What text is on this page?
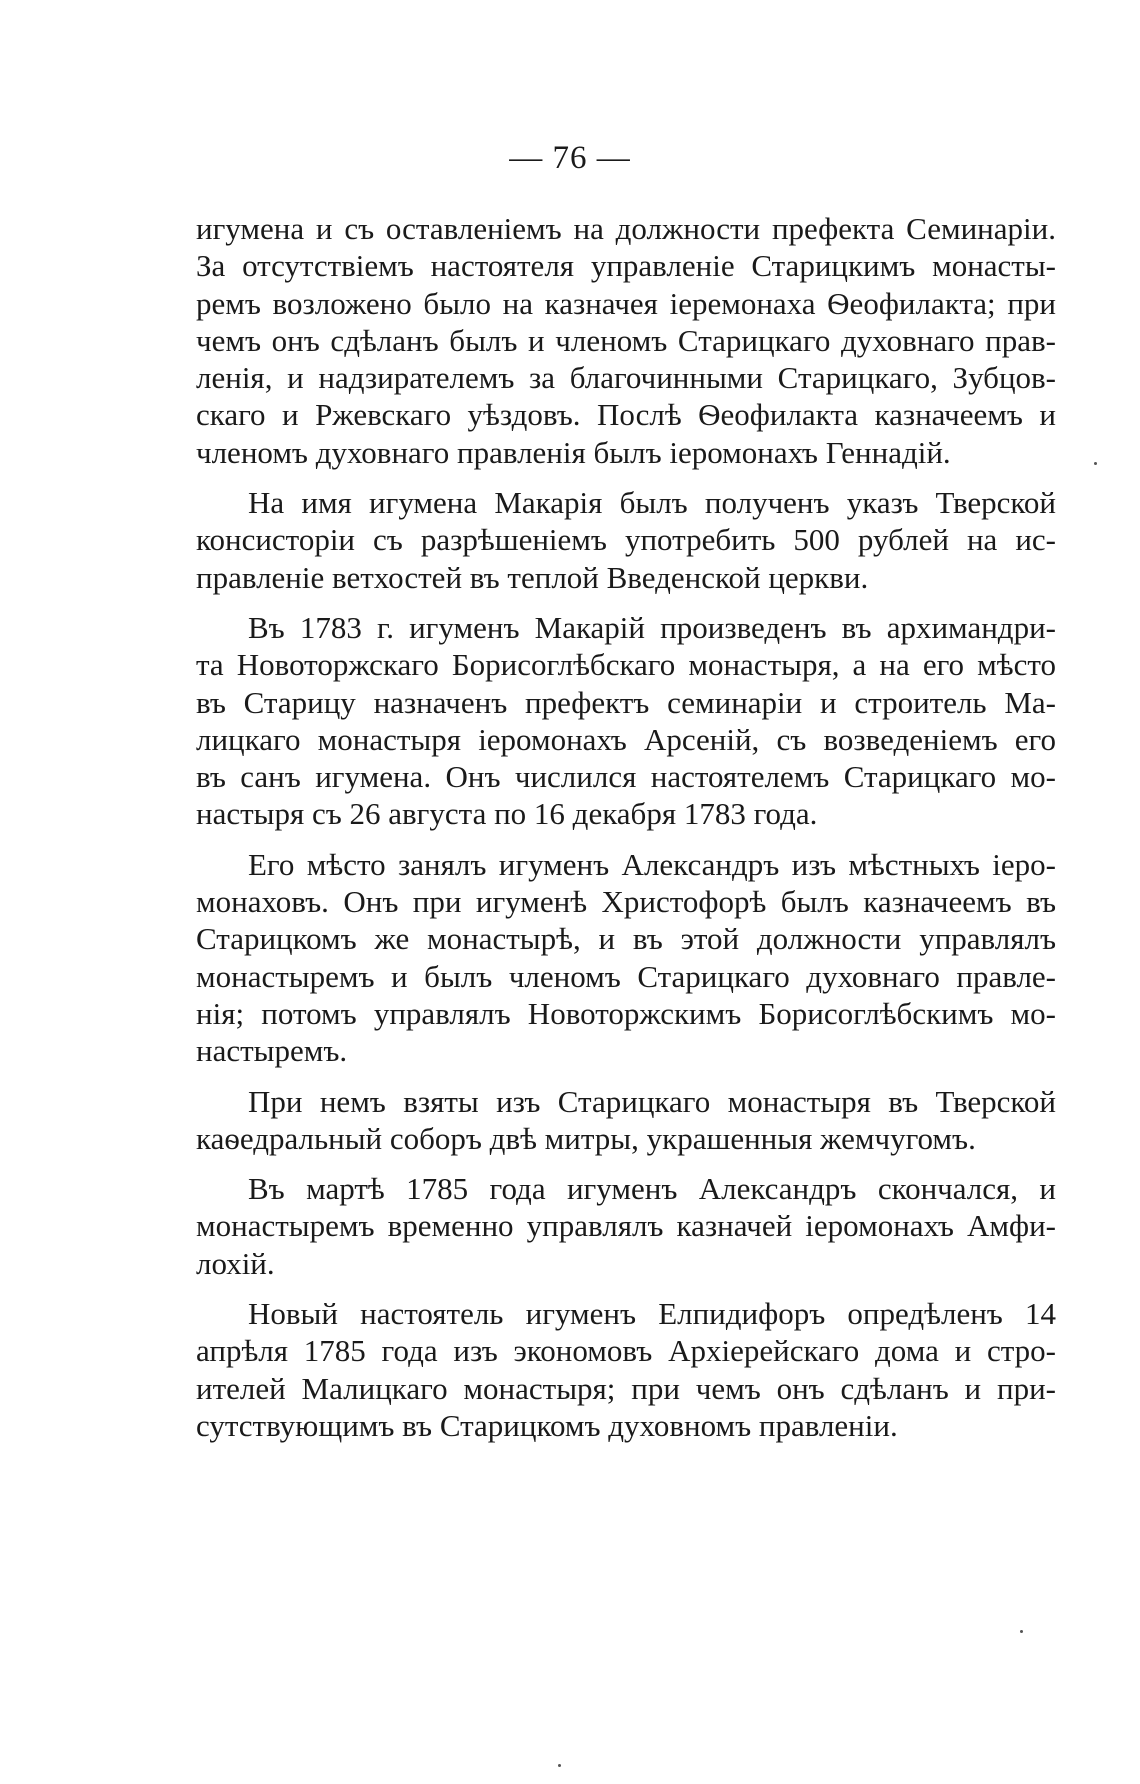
— 76 —
игумена и съ оставленіемъ на должности префекта Семинаріи.
За отсутствіемъ настоятеля управленіе Старицкимъ монасты-
ремъ возложено было на казначея іеремонаха Ѳеофилакта; при
чемъ онъ сдѣланъ былъ и членомъ Старицкаго духовнаго прав-
ленія, и надзирателемъ за благочинными Старицкаго, Зубцов-
скаго и Ржевскаго уѣздовъ. Послѣ Ѳеофилакта казначеемъ и
членомъ духовнаго правленія былъ іеромонахъ Геннадій.
На имя игумена Макарія былъ полученъ указъ Тверской
консисторіи съ разрѣшеніемъ употребить 500 рублей на ис-
правленіе ветхостей въ теплой Введенской церкви.
Въ 1783 г. игуменъ Макарій произведенъ въ архимандри-
та Новоторжскаго Борисоглѣбскаго монастыря, а на его мѣсто
въ Старицу назначенъ префектъ семинаріи и строитель Ма-
лицкаго монастыря іеромонахъ Арсеній, съ возведеніемъ его
въ санъ игумена. Онъ числился настоятелемъ Старицкаго мо-
настыря съ 26 августа по 16 декабря 1783 года.
Его мѣсто занялъ игуменъ Александръ изъ мѣстныхъ іеро-
монаховъ. Онъ при игуменѣ Христофорѣ былъ казначеемъ въ
Старицкомъ же монастырѣ, и въ этой должности управлялъ
монастыремъ и былъ членомъ Старицкаго духовнаго правле-
нія; потомъ управлялъ Новоторжскимъ Борисоглѣбскимъ мо-
настыремъ.
При немъ взяты изъ Старицкаго монастыря въ Тверской
каѳедральный соборъ двѣ митры, украшенныя жемчугомъ.
Въ мартѣ 1785 года игуменъ Александръ скончался, и
монастыремъ временно управлялъ казначей іеромонахъ Амфи-
лохій.
Новый настоятель игуменъ Елпидифоръ опредѣленъ 14
апрѣля 1785 года изъ экономовъ Архіерейскаго дома и стро-
ителей Малицкаго монастыря; при чемъ онъ сдѣланъ и при-
сутствующимъ въ Старицкомъ духовномъ правленіи.
